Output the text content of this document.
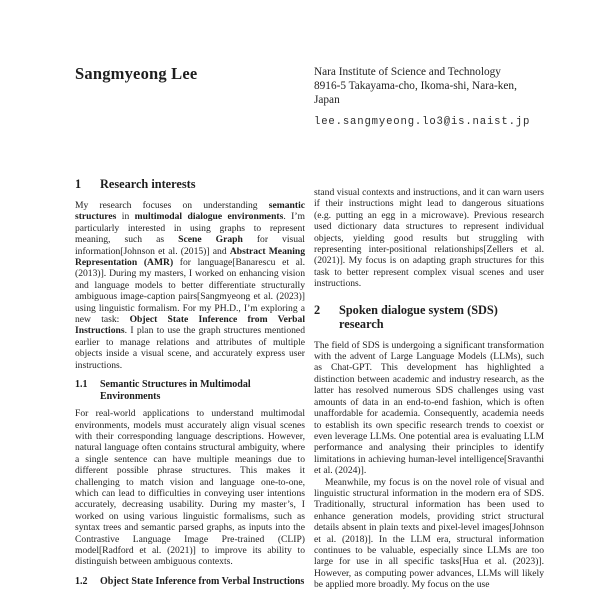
Sangmyeong Lee	Nara Institute of Science and Technology
8916-5 Takayama-cho, Ikoma-shi, Nara-ken,
Japan
lee.sangmyeong.lo3@is.naist.jp
1	Research interests

My research focuses on understanding semantic structures in multimodal dialogue environments. I’m particularly interested in using graphs to represent meaning, such as Scene Graph for visual information[Johnson et al. (2015)] and Abstract Meaning Representation (AMR) for language[Banarescu et al. (2013)]. During my masters, I worked on enhancing vision and language models to better differentiate structurally ambiguous image-caption pairs[Sangmyeong et al. (2023)] using linguistic formalism. For my PH.D., I’m exploring a new task: Object State Inference from Verbal Instructions. I plan to use the graph structures mentioned earlier to manage relations and attributes of multiple objects inside a visual scene, and accurately express user instructions.

1.1	Semantic Structures in Multimodal Environments

For real-world applications to understand multimodal environments, models must accurately align visual scenes with their corresponding language descriptions. However, natural language often contains structural ambiguity, where a single sentence can have multiple meanings due to different possible phrase structures. This makes it challenging to match vision and language one-to-one, which can lead to difficulties in conveying user intentions accurately, decreasing usability. During my master’s, I worked on using various linguistic formalisms, such as syntax trees and semantic parsed graphs, as inputs into the Contrastive Language Image Pre-trained (CLIP) model[Radford et al. (2021)] to improve its ability to distinguish between ambiguous contexts.

1.2	Object State Inference from Verbal Instructions

stand visual contexts and instructions, and it can warn users if their instructions might lead to dangerous situations (e.g. putting an egg in a microwave). Previous research used dictionary data structures to represent individual objects, yielding good results but struggling with representing inter-positional relationships[Zellers et al. (2021)]. My focus is on adapting graph structures for this task to better represent complex visual scenes and user instructions.

2	Spoken dialogue system (SDS) research

The field of SDS is undergoing a significant transformation with the advent of Large Language Models (LLMs), such as Chat-GPT. This development has highlighted a distinction between academic and industry research, as the latter has resolved numerous SDS challenges using vast amounts of data in an end-to-end fashion, which is often unaffordable for academia. Consequently, academia needs to establish its own specific research trends to coexist or even leverage LLMs. One potential area is evaluating LLM performance and analysing their principles to identify limitations in achieving human-level intelligence[Sravanthi et al. (2024)].

Meanwhile, my focus is on the novel role of visual and linguistic structural information in the modern era of SDS. Traditionally, structural information has been used to enhance generation models, providing strict structural details absent in plain texts and pixel-level images[Johnson et al. (2018)]. In the LLM era, structural information continues to be valuable, especially since LLMs are too large for use in all specific tasks[Hua et al. (2023)]. However, as computing power advances, LLMs will likely be applied more broadly. My focus on the use
